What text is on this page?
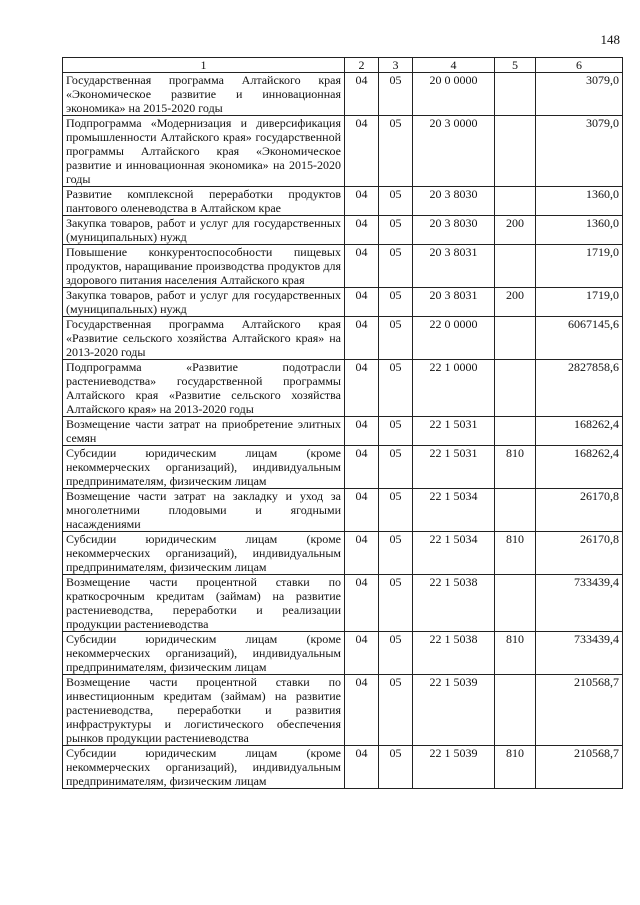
148
1	2	3	4	5	6
Государственная программа Алтайского края «Экономическое развитие и инновационная экономика» на 2015-2020 годы	04	05	20 0 0000		3079,0
Подпрограмма «Модернизация и диверсификация промышленности Алтайского края» государственной программы Алтайского края «Экономическое развитие и инновационная экономика» на 2015-2020 годы	04	05	20 3 0000		3079,0
Развитие комплексной переработки продуктов пантового оленеводства в Алтайском крае	04	05	20 3 8030		1360,0
Закупка товаров, работ и услуг для государственных (муниципальных) нужд	04	05	20 3 8030	200	1360,0
Повышение конкурентоспособности пищевых продуктов, наращивание производства продуктов для здорового питания населения Алтайского края	04	05	20 3 8031		1719,0
Закупка товаров, работ и услуг для государственных (муниципальных) нужд	04	05	20 3 8031	200	1719,0
Государственная программа Алтайского края «Развитие сельского хозяйства Алтайского края» на 2013-2020 годы	04	05	22 0 0000		6067145,6
Подпрограмма «Развитие подотрасли растениеводства» государственной программы Алтайского края «Развитие сельского хозяйства Алтайского края» на 2013-2020 годы	04	05	22 1 0000		2827858,6
Возмещение части затрат на приобретение элитных семян	04	05	22 1 5031		168262,4
Субсидии юридическим лицам (кроме некоммерческих организаций), индивидуальным предпринимателям, физическим лицам	04	05	22 1 5031	810	168262,4
Возмещение части затрат на закладку и уход за многолетними плодовыми и ягодными насаждениями	04	05	22 1 5034		26170,8
Субсидии юридическим лицам (кроме некоммерческих организаций), индивидуальным предпринимателям, физическим лицам	04	05	22 1 5034	810	26170,8
Возмещение части процентной ставки по краткосрочным кредитам (займам) на развитие растениеводства, переработки и реализации продукции растениеводства	04	05	22 1 5038		733439,4
Субсидии юридическим лицам (кроме некоммерческих организаций), индивидуальным предпринимателям, физическим лицам	04	05	22 1 5038	810	733439,4
Возмещение части процентной ставки по инвестиционным кредитам (займам) на развитие растениеводства, переработки и развития инфраструктуры и логистического обеспечения рынков продукции растениеводства	04	05	22 1 5039		210568,7
Субсидии юридическим лицам (кроме некоммерческих организаций), индивидуальным предпринимателям, физическим лицам	04	05	22 1 5039	810	210568,7
